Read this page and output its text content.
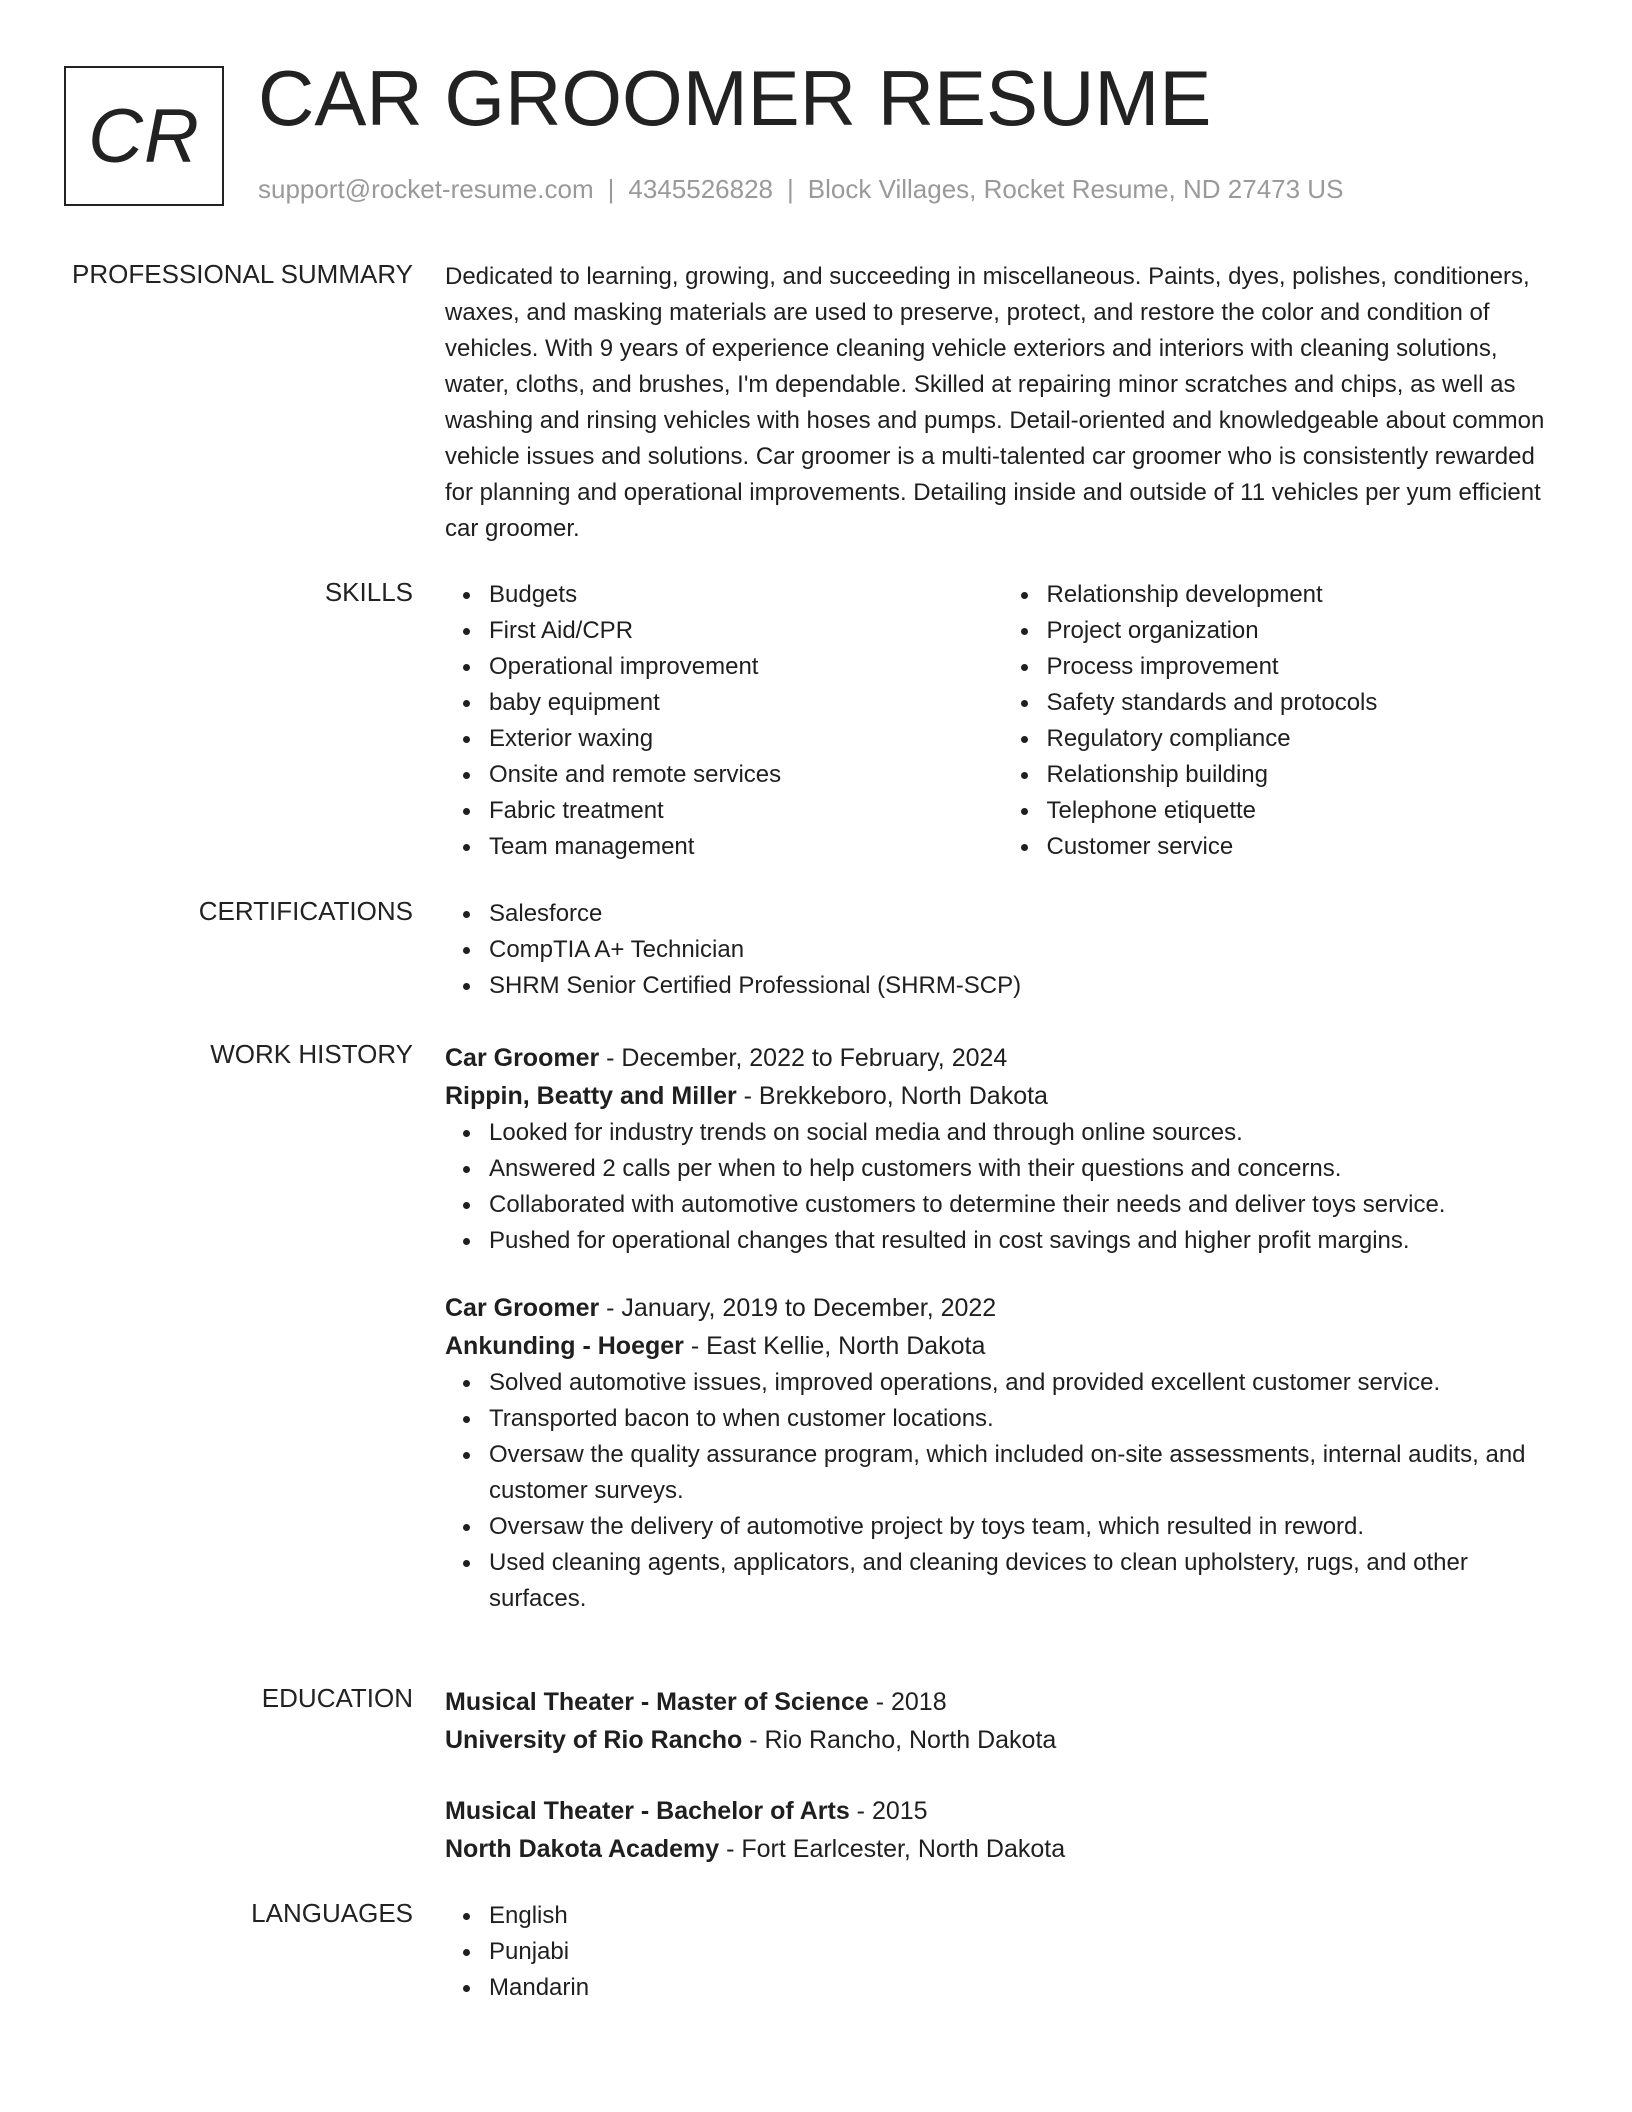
CR CAR GROOMER RESUME
support@rocket-resume.com | 4345526828 | Block Villages, Rocket Resume, ND 27473 US
PROFESSIONAL SUMMARY Dedicated to learning, growing, and succeeding in miscellaneous. Paints, dyes, polishes, conditioners, waxes, and masking materials are used to preserve, protect, and restore the color and condition of vehicles. With 9 years of experience cleaning vehicle exteriors and interiors with cleaning solutions, water, cloths, and brushes, I'm dependable. Skilled at repairing minor scratches and chips, as well as washing and rinsing vehicles with hoses and pumps. Detail-oriented and knowledgeable about common vehicle issues and solutions. Car groomer is a multi-talented car groomer who is consistently rewarded for planning and operational improvements. Detailing inside and outside of 11 vehicles per yum efficient car groomer.

SKILLS	Budgets
First Aid/CPR
Operational improvement
baby equipment
Exterior waxing
Onsite and remote services
Fabric treatment
Team management
Relationship development
Project organization
Process improvement
Safety standards and protocols
Regulatory compliance
Relationship building
Telephone etiquette
Customer service
CERTIFICATIONS	Salesforce
CompTIA A+ Technician
SHRM Senior Certified Professional (SHRM-SCP)
WORK HISTORY Car Groomer - December, 2022 to February, 2024
Rippin, Beatty and Miller - Brekkeboro, North Dakota
Looked for industry trends on social media and through online sources.
Answered 2 calls per when to help customers with their questions and concerns.
Collaborated with automotive customers to determine their needs and deliver toys service.
Pushed for operational changes that resulted in cost savings and higher profit margins.
Car Groomer - January, 2019 to December, 2022
Ankunding - Hoeger - East Kellie, North Dakota
Solved automotive issues, improved operations, and provided excellent customer service.
Transported bacon to when customer locations.
Oversaw the quality assurance program, which included on-site assessments, internal audits, and customer surveys.
Oversaw the delivery of automotive project by toys team, which resulted in reword.
Used cleaning agents, applicators, and cleaning devices to clean upholstery, rugs, and other surfaces.
EDUCATION Musical Theater - Master of Science - 2018
University of Rio Rancho - Rio Rancho, North Dakota
Musical Theater - Bachelor of Arts - 2015
North Dakota Academy - Fort Earlcester, North Dakota
LANGUAGES	English
Punjabi
Mandarin
